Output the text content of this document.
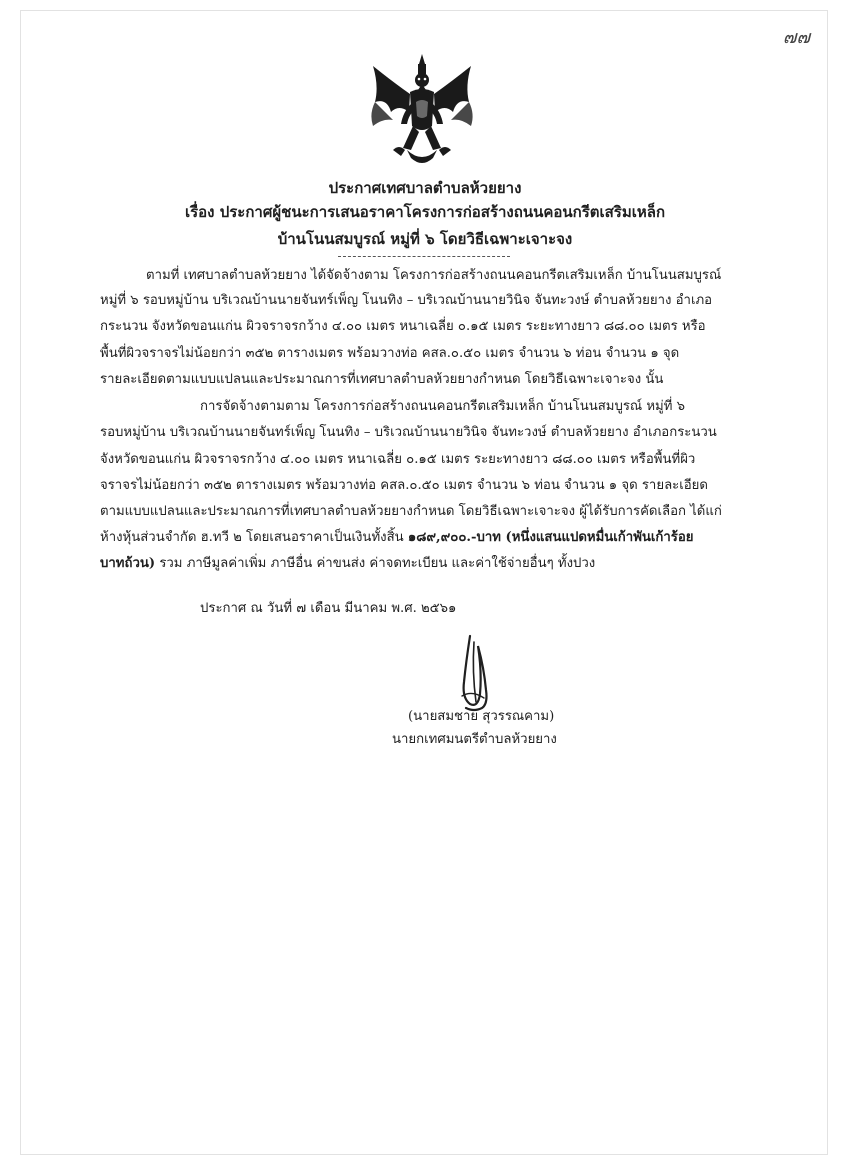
๗๗
ประกาศเทศบาลตำบลห้วยยาง
เรื่อง ประกาศผู้ชนะการเสนอราคาโครงการก่อสร้างถนนคอนกรีตเสริมเหล็ก
บ้านโนนสมบูรณ์ หมู่ที่ ๖ โดยวิธีเฉพาะเจาะจง
ตามที่ เทศบาลตำบลห้วยยาง ได้จัดจ้างตาม โครงการก่อสร้างถนนคอนกรีตเสริมเหล็ก บ้านโนนสมบูรณ์
หมู่ที่ ๖ รอบหมู่บ้าน บริเวณบ้านนายจันทร์เพ็ญ โนนทิง – บริเวณบ้านนายวินิจ จันทะวงษ์ ตำบลห้วยยาง อำเภอ
กระนวน จังหวัดขอนแก่น ผิวจราจรกว้าง ๔.๐๐ เมตร หนาเฉลี่ย ๐.๑๕ เมตร ระยะทางยาว ๘๘.๐๐ เมตร หรือ
พื้นที่ผิวจราจรไม่น้อยกว่า ๓๕๒ ตารางเมตร พร้อมวางท่อ คสล.๐.๕๐ เมตร จำนวน ๖ ท่อน จำนวน ๑ จุด
รายละเอียดตามแบบแปลนและประมาณการที่เทศบาลตำบลห้วยยางกำหนด โดยวิธีเฉพาะเจาะจง นั้น
การจัดจ้างตามตาม โครงการก่อสร้างถนนคอนกรีตเสริมเหล็ก บ้านโนนสมบูรณ์ หมู่ที่ ๖
รอบหมู่บ้าน บริเวณบ้านนายจันทร์เพ็ญ โนนทิง – บริเวณบ้านนายวินิจ จันทะวงษ์ ตำบลห้วยยาง อำเภอกระนวน
จังหวัดขอนแก่น ผิวจราจรกว้าง ๔.๐๐ เมตร หนาเฉลี่ย ๐.๑๕ เมตร ระยะทางยาว ๘๘.๐๐ เมตร หรือพื้นที่ผิว
จราจรไม่น้อยกว่า ๓๕๒ ตารางเมตร พร้อมวางท่อ คสล.๐.๕๐ เมตร จำนวน ๖ ท่อน จำนวน ๑ จุด รายละเอียด
ตามแบบแปลนและประมาณการที่เทศบาลตำบลห้วยยางกำหนด โดยวิธีเฉพาะเจาะจง ผู้ได้รับการคัดเลือก ได้แก่
ห้างหุ้นส่วนจำกัด ฮ.ทวี ๒ โดยเสนอราคาเป็นเงินทั้งสิ้น ๑๘๙,๙๐๐.-บาท (หนึ่งแสนแปดหมื่นเก้าพันเก้าร้อย
บาทถ้วน) รวม ภาษีมูลค่าเพิ่ม ภาษีอื่น ค่าขนส่ง ค่าจดทะเบียน และค่าใช้จ่ายอื่นๆ ทั้งปวง
ประกาศ ณ วันที่ ๗ เดือน มีนาคม พ.ศ. ๒๕๖๑
(นายสมชาย สุวรรณคาม)
นายกเทศมนตรีตำบลห้วยยาง
